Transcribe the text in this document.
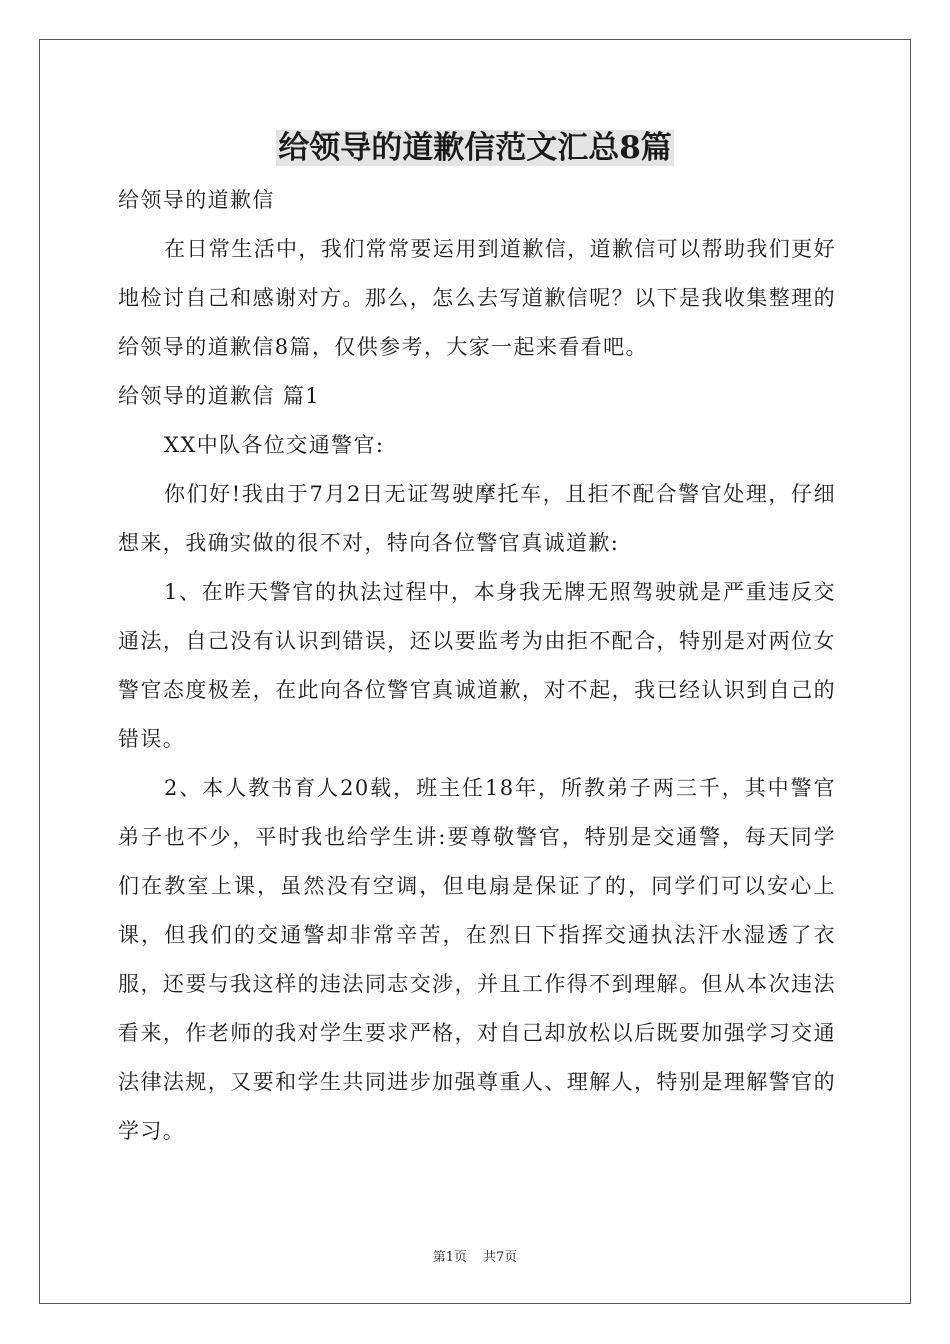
给领导的道歉信范文汇总8篇

给领导的道歉信

在日常生活中，我们常常要运用到道歉信，道歉信可以帮助我们更好地检讨自己和感谢对方。那么，怎么去写道歉信呢？以下是我收集整理的给领导的道歉信8篇，仅供参考，大家一起来看看吧。

给领导的道歉信 篇1

XX中队各位交通警官:

你们好!我由于7月2日无证驾驶摩托车，且拒不配合警官处理，仔细想来，我确实做的很不对，特向各位警官真诚道歉:

1、在昨天警官的执法过程中，本身我无牌无照驾驶就是严重违反交通法，自己没有认识到错误，还以要监考为由拒不配合，特别是对两位女警官态度极差，在此向各位警官真诚道歉，对不起，我已经认识到自己的错误。

2、本人教书育人20载，班主任18年，所教弟子两三千，其中警官弟子也不少，平时我也给学生讲:要尊敬警官，特别是交通警，每天同学们在教室上课，虽然没有空调，但电扇是保证了的，同学们可以安心上课，但我们的交通警却非常辛苦，在烈日下指挥交通执法汗水湿透了衣服，还要与我这样的违法同志交涉，并且工作得不到理解。但从本次违法看来，作老师的我对学生要求严格，对自己却放松以后既要加强学习交通法律法规，又要和学生共同进步加强尊重人、理解人，特别是理解警官的学习。

第1页 共7页
